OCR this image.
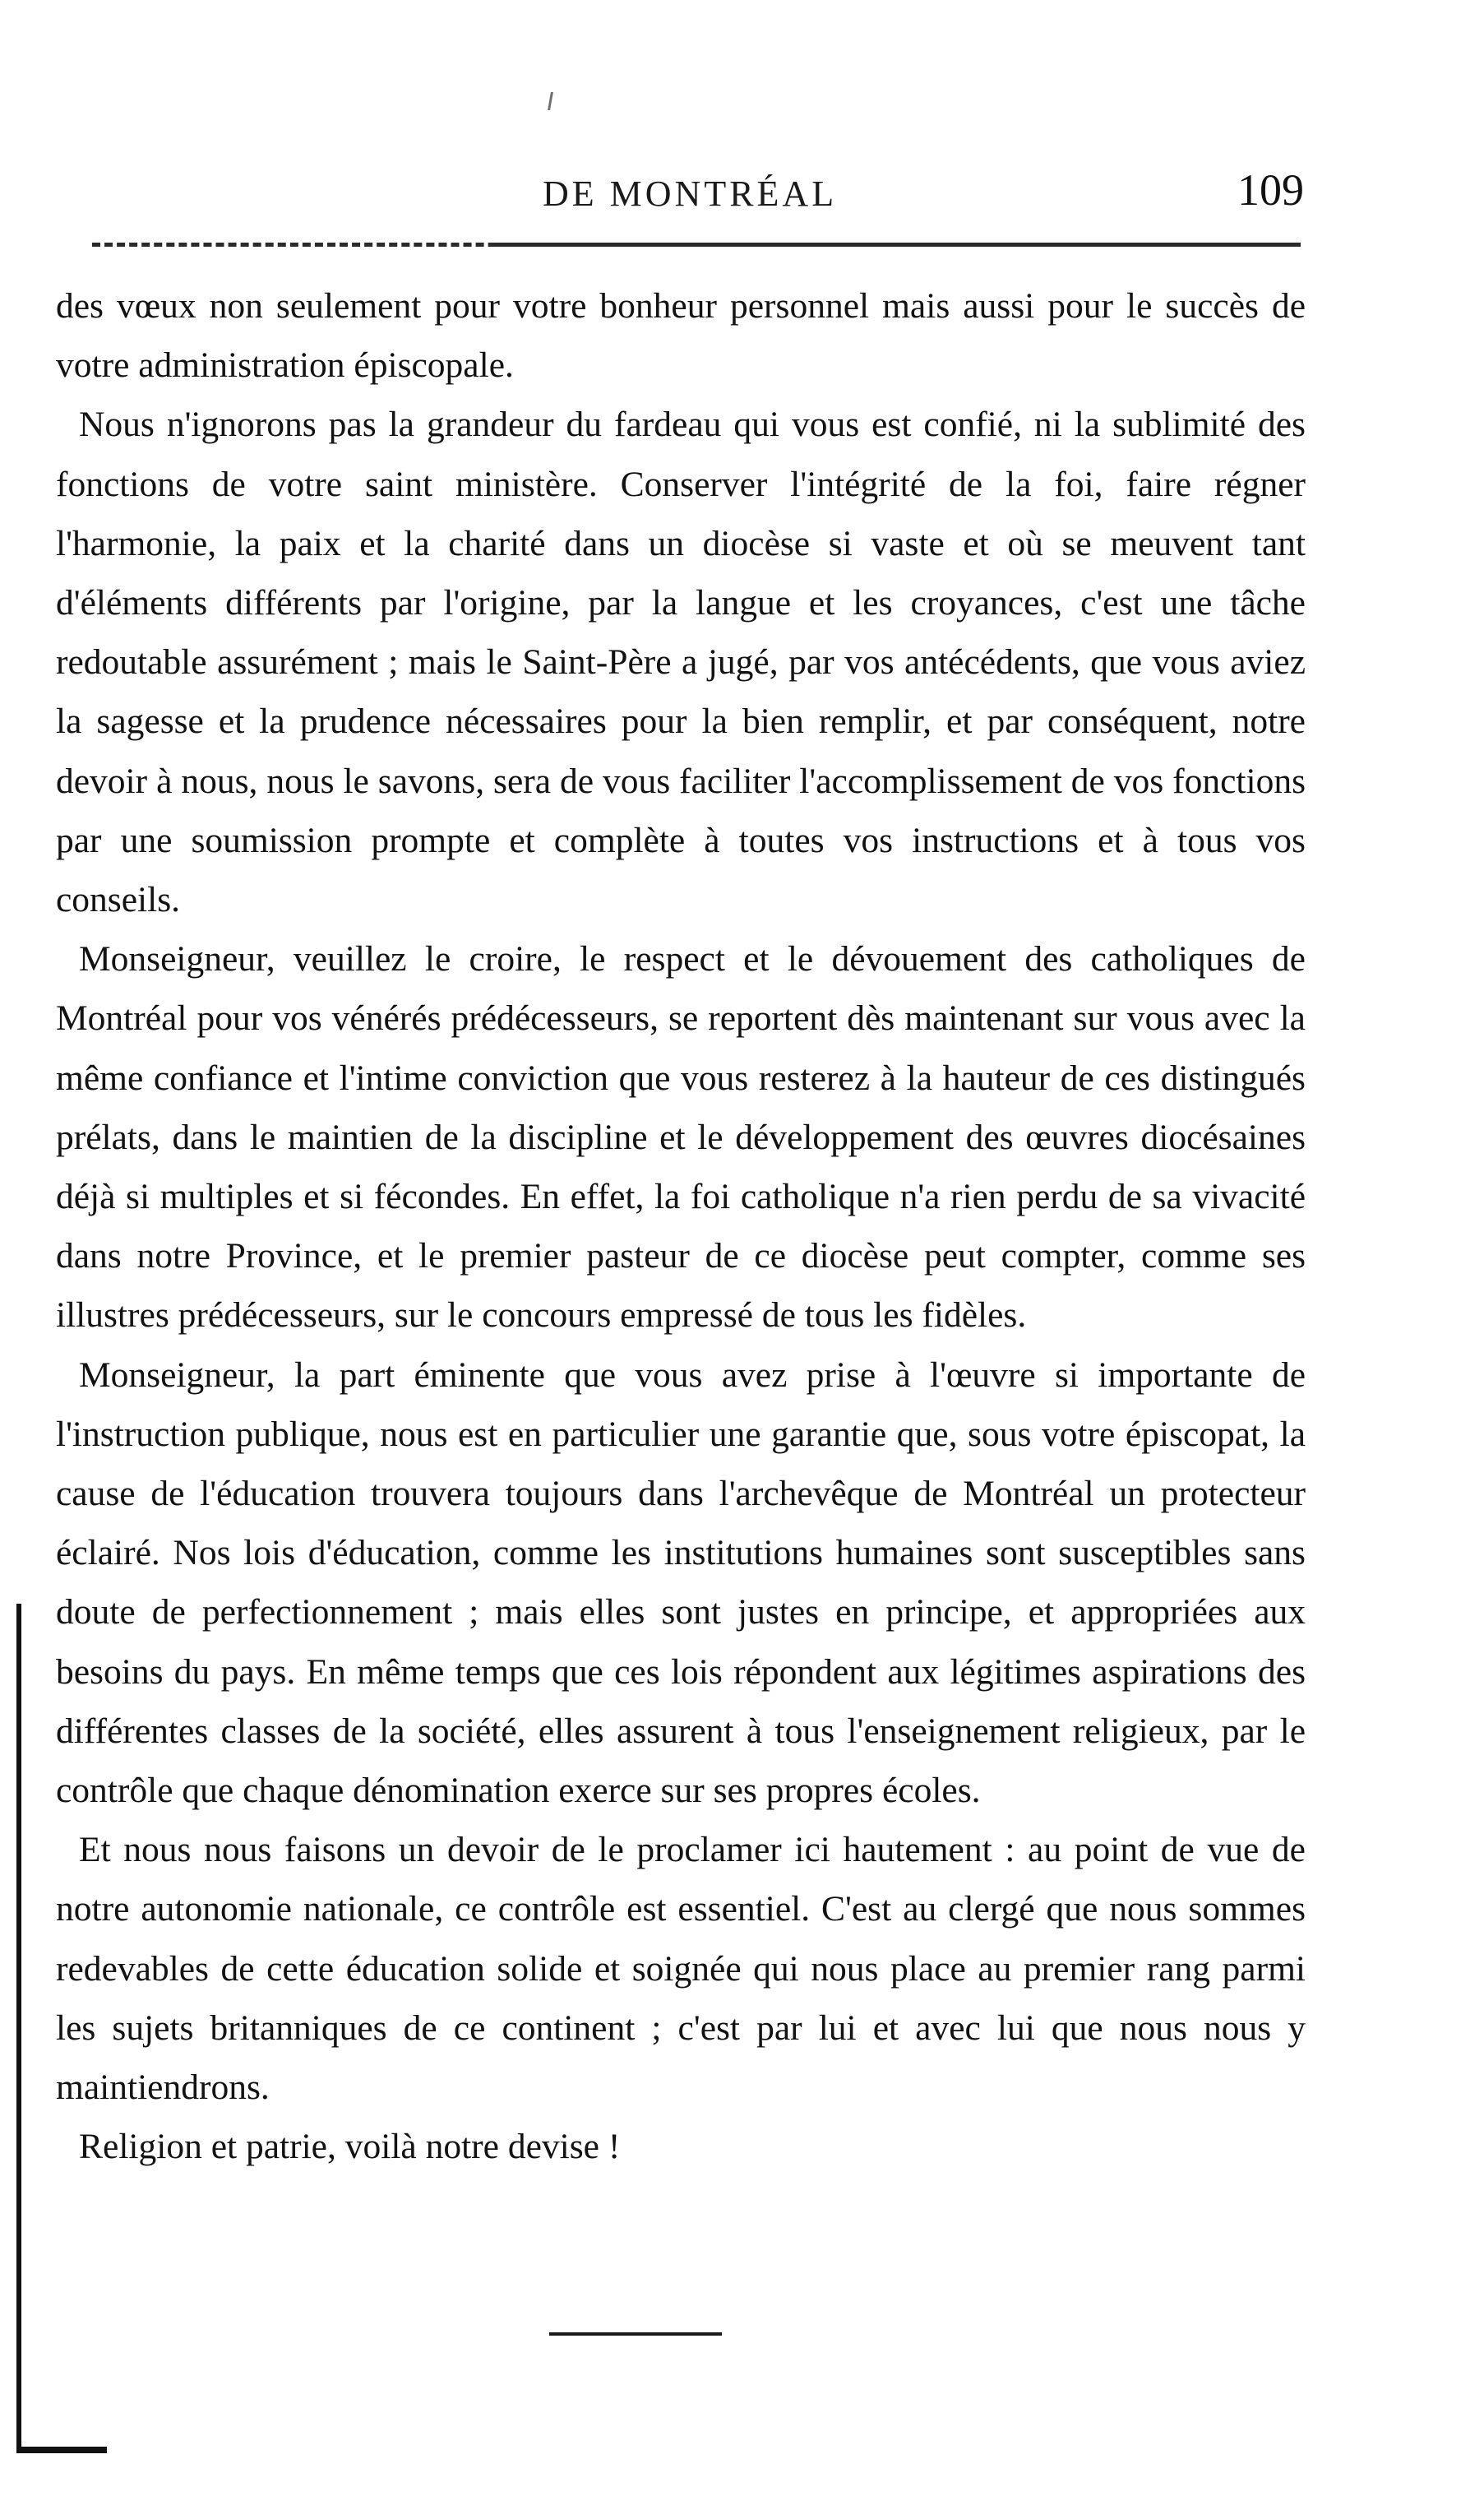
DE MONTRÉAL	109

des vœux non seulement pour votre bonheur personnel mais aussi pour le succès de votre administration épiscopale.

Nous n'ignorons pas la grandeur du fardeau qui vous est confié, ni la sublimité des fonctions de votre saint ministère. Conserver l'intégrité de la foi, faire régner l'harmonie, la paix et la charité dans un diocèse si vaste et où se meuvent tant d'éléments différents par l'origine, par la langue et les croyances, c'est une tâche redoutable assurément ; mais le Saint-Père a jugé, par vos antécédents, que vous aviez la sagesse et la prudence nécessaires pour la bien remplir, et par conséquent, notre devoir à nous, nous le savons, sera de vous faciliter l'accomplissement de vos fonctions par une soumission prompte et complète à toutes vos instructions et à tous vos conseils.

Monseigneur, veuillez le croire, le respect et le dévouement des catholiques de Montréal pour vos vénérés prédécesseurs, se reportent dès maintenant sur vous avec la même confiance et l'intime conviction que vous resterez à la hauteur de ces distingués prélats, dans le maintien de la discipline et le développement des œuvres diocésaines déjà si multiples et si fécondes. En effet, la foi catholique n'a rien perdu de sa vivacité dans notre Province, et le premier pasteur de ce diocèse peut compter, comme ses illustres prédécesseurs, sur le concours empressé de tous les fidèles.

Monseigneur, la part éminente que vous avez prise à l'œuvre si importante de l'instruction publique, nous est en particulier une garantie que, sous votre épiscopat, la cause de l'éducation trouvera toujours dans l'archevêque de Montréal un protecteur éclairé. Nos lois d'éducation, comme les institutions humaines sont susceptibles sans doute de perfectionnement ; mais elles sont justes en principe, et appropriées aux besoins du pays. En même temps que ces lois répondent aux légitimes aspirations des différentes classes de la société, elles assurent à tous l'enseignement religieux, par le contrôle que chaque dénomination exerce sur ses propres écoles.

Et nous nous faisons un devoir de le proclamer ici hautement : au point de vue de notre autonomie nationale, ce contrôle est essentiel. C'est au clergé que nous sommes redevables de cette éducation solide et soignée qui nous place au premier rang parmi les sujets britanniques de ce continent ; c'est par lui et avec lui que nous nous y maintiendrons.

Religion et patrie, voilà notre devise !
